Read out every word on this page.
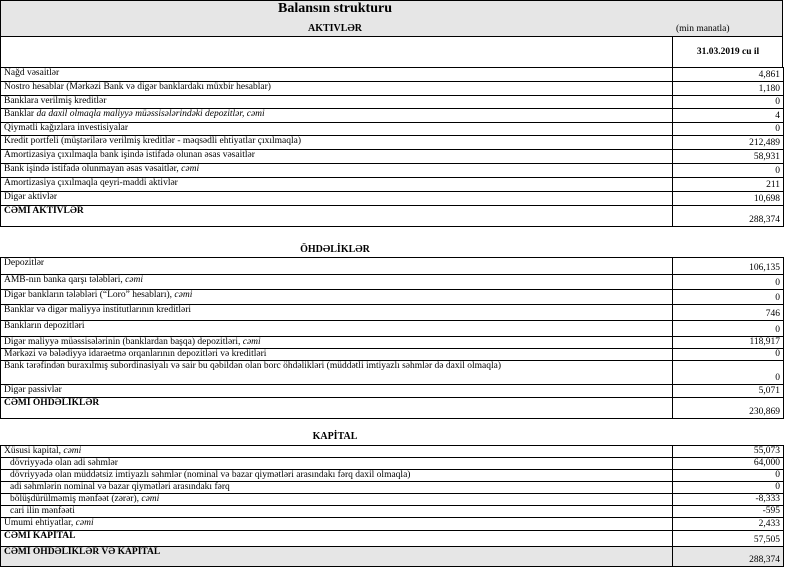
Balansın strukturu
AKTIVLƏR	(min manatla)
31.03.2019 cu il
Nağd vəsaitlər	4,861
Nostro hesablar (Mərkəzi Bank və digər banklardakı müxbir hesablar)	1,180
Banklara verilmiş kreditlər	0
Banklar da daxil olmaqla maliyyə müəssisələrindəki depozitlər, cəmi	4
Qiymətli kağızlara investisiyalar	0
Kredit portfeli (müştərilərə verilmiş kreditlər - məqsədli ehtiyatlar çıxılmaqla)	212,489
Amortizasiya çıxılmaqla bank işində istifadə olunan əsas vəsaitlər	58,931
Bank işində istifadə olunmayan əsas vəsaitlər, cəmi	0
Amortizasiya çıxılmaqla qeyri-maddi aktivlər	211
Digər aktivlər	10,698
CƏMİ AKTİVLƏR	288,374
ÖHDƏLİKLƏR
Depozitlər	106,135
AMB-nın banka qarşı tələbləri, cəmi	0
Digər bankların tələbləri (“Loro” hesabları), cəmi	0
Banklar və digər maliyyə institutlarının kreditləri	746
Bankların depozitləri	0
Digər maliyyə müəssisələrinin (banklardan başqa) depozitləri, cəmi	118,917
Mərkəzi və bələdiyyə idarəetmə orqanlarının depozitləri və kreditləri	0
Bank tərəfindən buraxılmış subordinasiyalı və sair bu qəbildən olan borc öhdəlikləri (müddətli imtiyazlı səhmlər də daxil olmaqla)	0
Digər passivlər	5,071
CƏMİ ÖHDƏLİKLƏR	230,869
KAPİTAL
Xüsusi kapital, cəmi	55,073
dövriyyədə olan adi səhmlər	64,000
dövriyyədə olan müddətsiz imtiyazlı səhmlər (nominal və bazar qiymətləri arasındakı fərq daxil olmaqla)	0
adi səhmlərin nominal və bazar qiymətləri arasındakı fərq	0
bölüşdürülməmiş mənfəət (zərər), cəmi	-8,333
cari ilin mənfəəti	-595
Ümumi ehtiyatlar, cəmi	2,433
CƏMİ KAPİTAL	57,505
CƏMİ ÖHDƏLİKLƏR VƏ KAPİTAL	288,374
